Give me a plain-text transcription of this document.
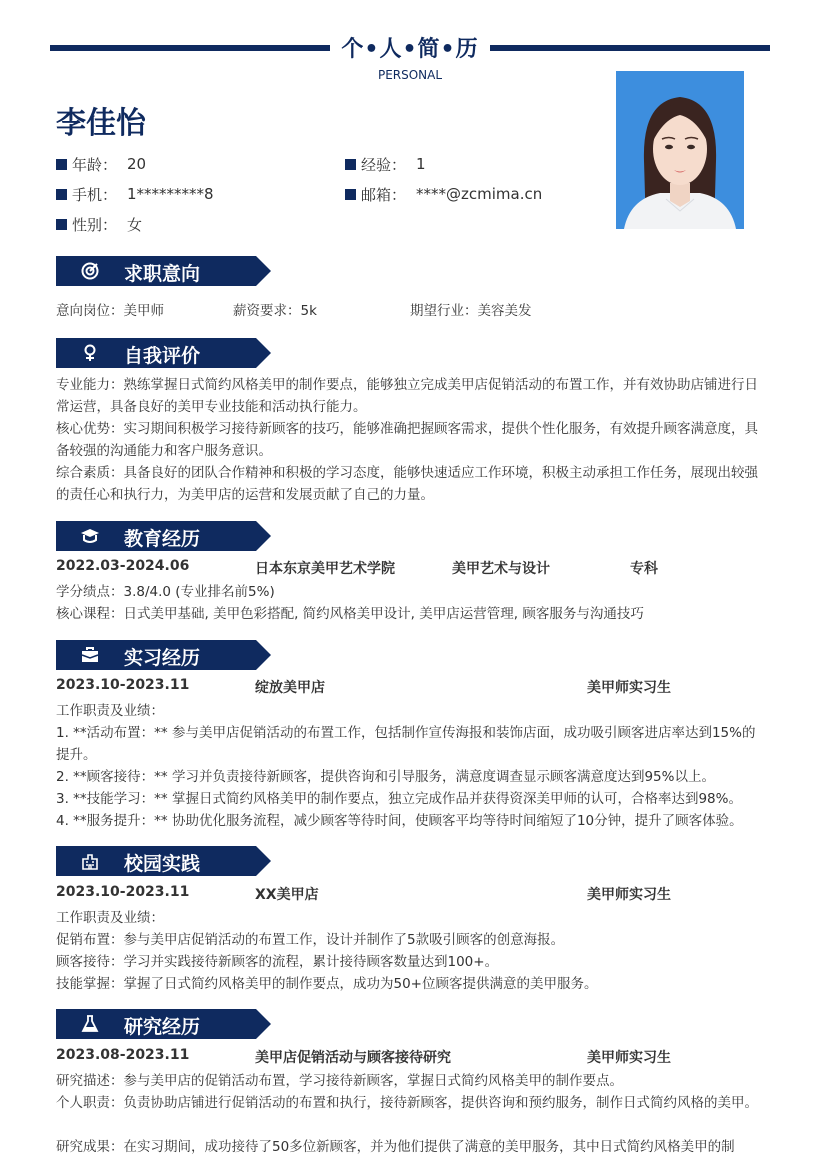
个•人•简•历
PERSONAL
李佳怡
年龄： 20	经验： 1
手机： 1*********8	邮箱： ****@zcmima.cn
性别： 女
求职意向
意向岗位：美甲师	薪资要求：5k	期望行业：美容美发
自我评价
专业能力：熟练掌握日式简约风格美甲的制作要点，能够独立完成美甲店促销活动的布置工作，并有效协助店铺进行日常运营，具备良好的美甲专业技能和活动执行能力。
核心优势：实习期间积极学习接待新顾客的技巧，能够准确把握顾客需求，提供个性化服务，有效提升顾客满意度，具备较强的沟通能力和客户服务意识。
综合素质：具备良好的团队合作精神和积极的学习态度，能够快速适应工作环境，积极主动承担工作任务，展现出较强的责任心和执行力，为美甲店的运营和发展贡献了自己的力量。
教育经历
2022.03-2024.06	日本东京美甲艺术学院	美甲艺术与设计	专科
学分绩点：3.8/4.0 (专业排名前5%)
核心课程：日式美甲基础, 美甲色彩搭配, 简约风格美甲设计, 美甲店运营管理, 顾客服务与沟通技巧
实习经历
2023.10-2023.11	绽放美甲店	美甲师实习生
工作职责及业绩：
1. **活动布置：** 参与美甲店促销活动的布置工作，包括制作宣传海报和装饰店面，成功吸引顾客进店率达到15%的提升。
2. **顾客接待：** 学习并负责接待新顾客，提供咨询和引导服务，满意度调查显示顾客满意度达到95%以上。
3. **技能学习：** 掌握日式简约风格美甲的制作要点，独立完成作品并获得资深美甲师的认可，合格率达到98%。
4. **服务提升：** 协助优化服务流程，减少顾客等待时间，使顾客平均等待时间缩短了10分钟，提升了顾客体验。
校园实践
2023.10-2023.11	XX美甲店	美甲师实习生
工作职责及业绩：
促销布置：参与美甲店促销活动的布置工作，设计并制作了5款吸引顾客的创意海报。
顾客接待：学习并实践接待新顾客的流程，累计接待顾客数量达到100+。
技能掌握：掌握了日式简约风格美甲的制作要点，成功为50+位顾客提供满意的美甲服务。
研究经历
2023.08-2023.11	美甲店促销活动与顾客接待研究	美甲师实习生
研究描述：参与美甲店的促销活动布置，学习接待新顾客，掌握日式简约风格美甲的制作要点。
个人职责：负责协助店铺进行促销活动的布置和执行，接待新顾客，提供咨询和预约服务，制作日式简约风格的美甲。
研究成果：在实习期间，成功接待了50多位新顾客，并为他们提供了满意的美甲服务，其中日式简约风格美甲的制
